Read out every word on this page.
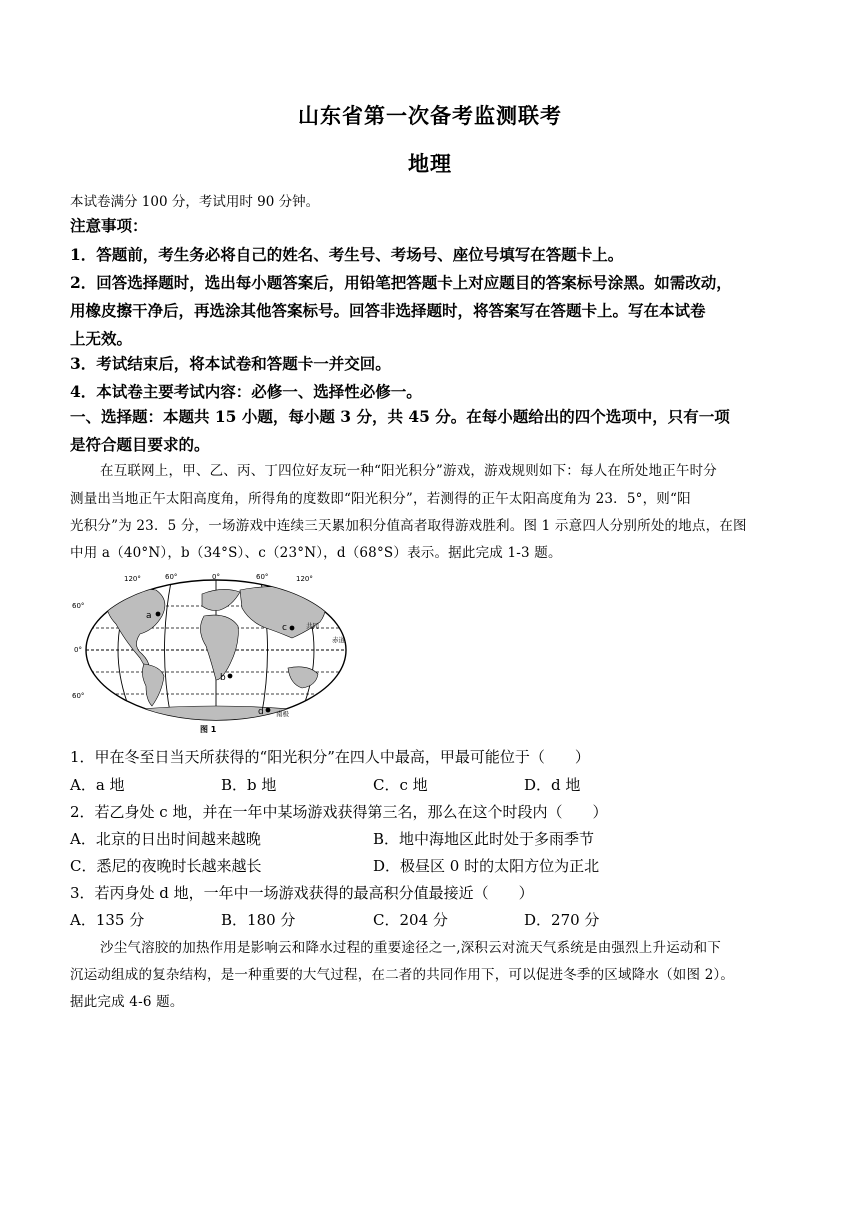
山东省第一次备考监测联考
地理
本试卷满分 100 分，考试用时 90 分钟。
注意事项：
1．答题前，考生务必将自己的姓名、考生号、考场号、座位号填写在答题卡上。
2．回答选择题时，选出每小题答案后，用铅笔把答题卡上对应题目的答案标号涂黑。如需改动，
用橡皮擦干净后，再选涂其他答案标号。回答非选择题时，将答案写在答题卡上。写在本试卷
上无效。
3．考试结束后，将本试卷和答题卡一并交回。
4．本试卷主要考试内容：必修一、选择性必修一。
一、选择题：本题共 15 小题，每小题 3 分，共 45 分。在每小题给出的四个选项中，只有一项
是符合题目要求的。
在互联网上，甲、乙、丙、丁四位好友玩一种“阳光积分”游戏，游戏规则如下：每人在所处地正午时分
测量出当地正午太阳高度角，所得角的度数即“阳光积分”，若测得的正午太阳高度角为 23．5°，则“阳
光积分”为 23．5 分，一场游戏中连续三天累加积分值高者取得游戏胜利。图 1 示意四人分别所处的地点，在图
中用 a（40°N），b（34°S）、c（23°N），d（68°S）表示。据此完成 1-3 题。
120°	60°	0°	60°	120°
60°
0°
60°
a
b
c
d
共同
南极
赤道
图 1
1．甲在冬至日当天所获得的“阳光积分”在四人中最高，甲最可能位于（　　）
A．a 地	B．b 地	C．c 地	D．d 地
2．若乙身处 c 地，并在一年中某场游戏获得第三名，那么在这个时段内（　　）
A．北京的日出时间越来越晚	B．地中海地区此时处于多雨季节
C．悉尼的夜晚时长越来越长	D．极昼区 0 时的太阳方位为正北
3．若丙身处 d 地，一年中一场游戏获得的最高积分值最接近（　　）
A．135 分	B．180 分	C．204 分	D．270 分
沙尘气溶胶的加热作用是影响云和降水过程的重要途径之一,深积云对流天气系统是由强烈上升运动和下
沉运动组成的复杂结构，是一种重要的大气过程，在二者的共同作用下，可以促进冬季的区域降水（如图 2）。
据此完成 4-6 题。
